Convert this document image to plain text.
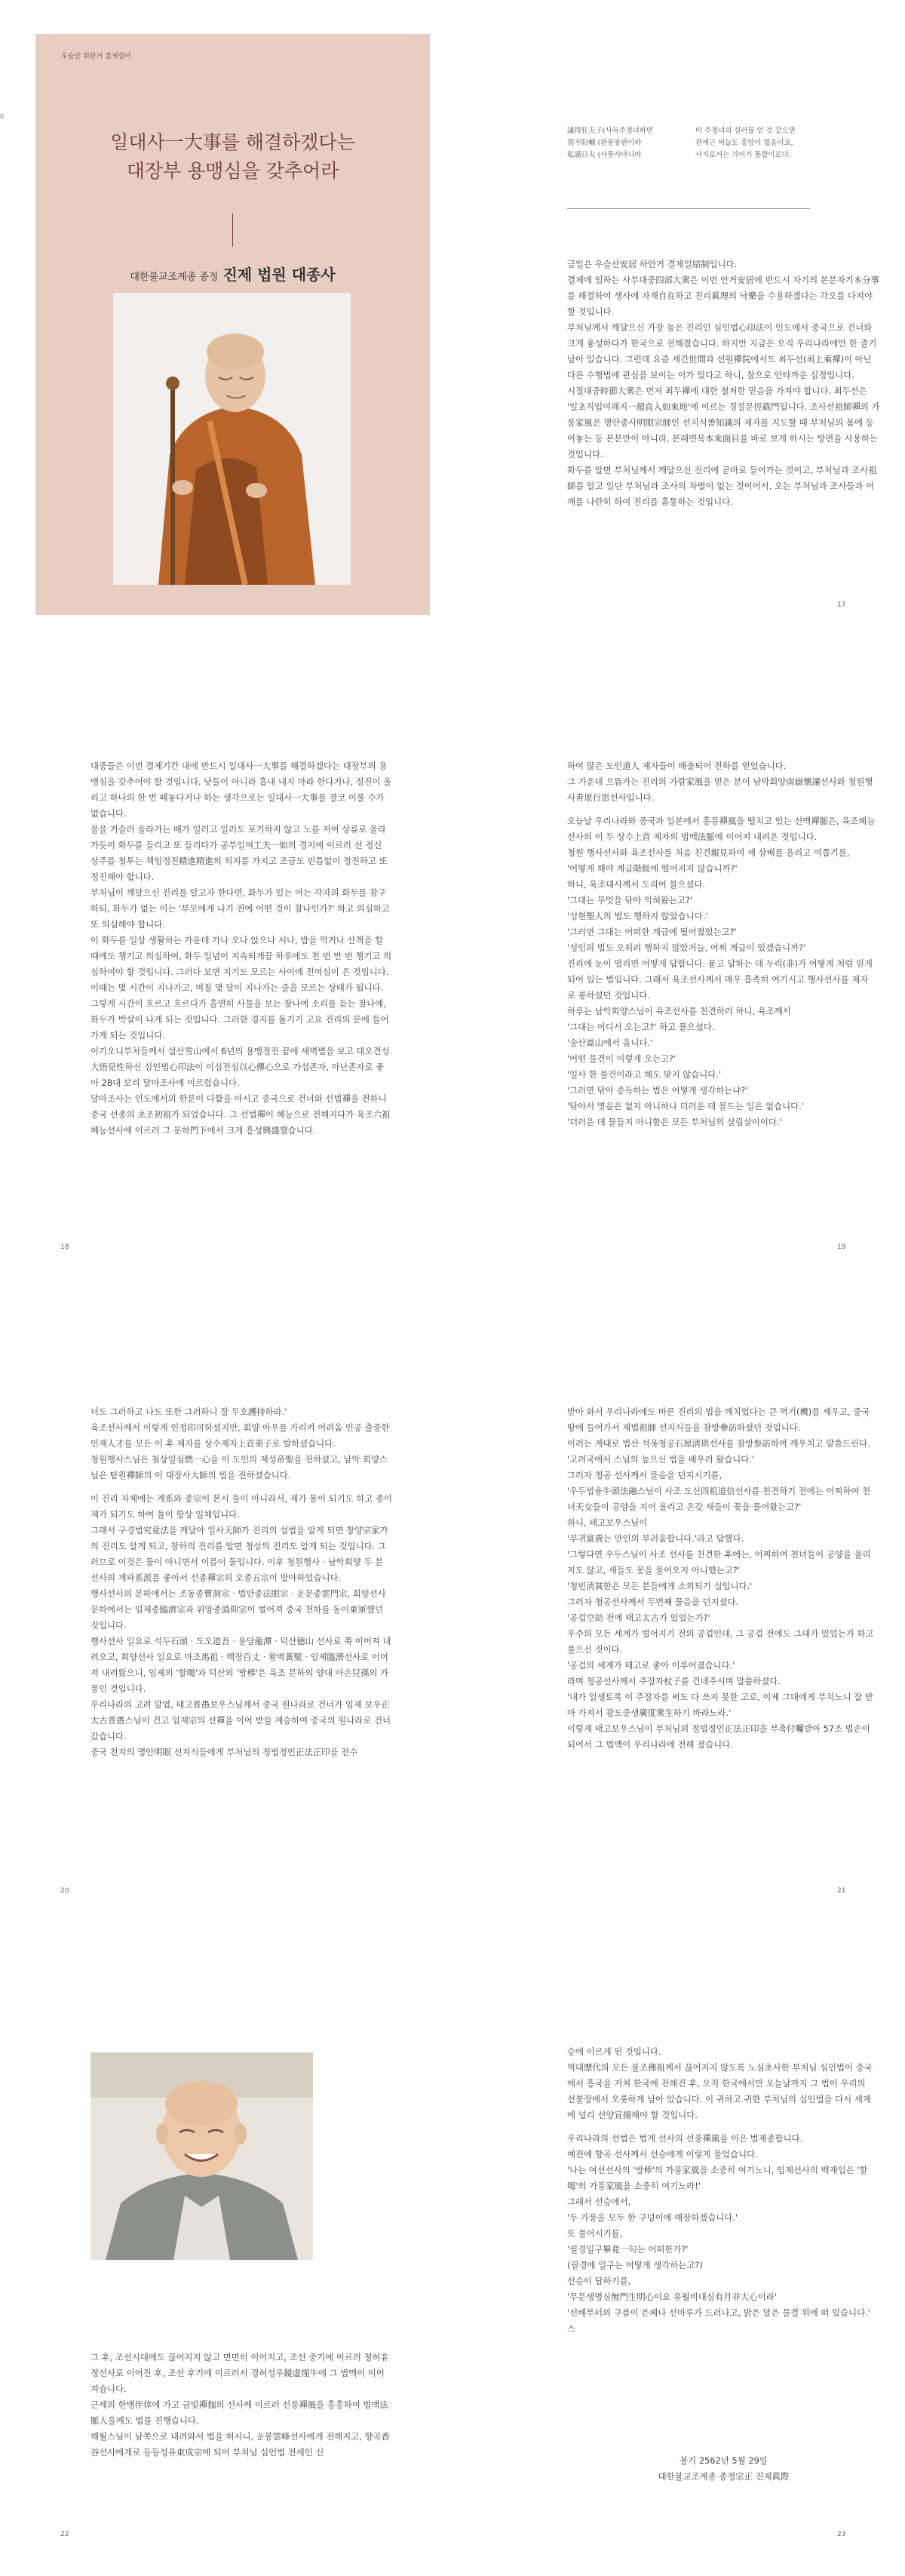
0
우슬산 위한거 결제법어
일대사一大事를 해결하겠다는
대장부 용맹심을 갖추어라
대한불교조계종 종정 진제 법원 대종사
議得狂夫子(사득주정녀하면
賀不盼輔 (판봉봉판이라
私滿日夫 (사통사마니라
미 주정녀의 실러를 얻 것 같으면
관세근 비늘도 흥망이 없음이요,
사지로서는 가이가 통할이로다.

금일은 우슬산安居 하안거 결제일結制입니다.

결제에 임하는 사부대중四部大衆은 이번 안거安居에 반드시 자기의 본분자기本分事를 해결하여 생사에 자재自在하고 진리眞理의 낙樂을 수용하겠다는 각오를 다져야 할 것입니다.

부처님께서 깨달으신 가장 높은 진리인 심인법心印法이 인도에서 중국으로 건너와 크게 융성하다가 한국으로 전해졌습니다. 하지만 지금은 오직 우리나라에만 한 줄기 남아 있습니다. 그런데 요즘 세간世間과 선원禪院에서도 최두선(최上乘禪)이 아닌 다른 수행법에 관심을 보이는 이가 있다고 하니, 참으로 안타까운 심정입니다.

시절대중時節大衆은 먼저 최두禪에 대한 철저한 믿음을 가져야 합니다. 최두선은 '일초직입여래지一超直入如來地'에 이르는 경절문徑截門입니다. 조사선祖師禪의 가풍家風은 명안종사明眼宗師인 선지식善知識의 제자를 지도할 때 부처님의 몸에 등어놓는 등 본분만이 아니라, 본래면목本來面目을 바로 보게 하시는 방편을 사용하는 것입니다.

화두를 알면 부처님께서 깨달으신 진리에 곧바로 들어가는 것이고, 부처님과 조사祖師를 알고 일단 부처님과 조사의 차별이 없는 것이어서, 오는 부처님과 조사들과 어깨를 나란히 하여 진리를 흠통하는 것입니다.

17

대중들은 이번 결제기간 내에 반드시 일대사一大事를 해결하겠다는 대장부의 용맹심을 갖추어야 할 것입니다. 낮들이 아니라 흡내 내지 마라 한다거나, 정진이 올리고 하나의 한 번 떼놓다거나 하는 생각으로는 일대사一大事를 결코 이룰 수가 없습니다.

물을 거슬러 올라가는 배가 일러고 일러도 포기하지 않고 노를 저어 상류로 올라가듯이 화두를 들리고 또 들리다가 공부일여工夫一如의 경지에 이르러 선 정신 상주를 철투는 책임정진精進精進의 의지를 가지고 조금도 빈틈없이 정진하고 또 정진해야 합니다.

부처님이 깨달으신 진리를 알고자 한다면, 화두가 있는 어는 각자의 화두를 참구하되, 화두가 없는 이는 '부모에게 나기 전에 어떤 것이 참나인가?' 하고 의심하고 또 의심해야 합니다.

이 화두를 일상 생활하는 가운데 가나 오나 앉으나 서나, 밥을 먹거나 산책을 할 때에도 챙기고 의심하여, 화두 일념이 지속되게끔 하루에도 천 번 만 번 챙기고 의심하여야 할 것입니다. 그러다 보면 지기도 모르는 사이에 진여심이 온 것입니다.

이때는 몇 시간이 지나가고, 며칠 몇 달이 지나가는 줄을 모르는 상태가 됩니다. 그렇게 시간이 흐르고 흐르다가 홀연히 사물을 보는 찰나에 소리를 듣는 찰나에, 화두가 박살이 나게 되는 것입니다. 그러한 경지를 돌기기 고요 진리의 문에 들어가게 되는 것입니다.

이기오니부처들께서 설산雪山에서 6년의 용맹정진 끝에 새벽별을 보고 대오견성大悟見性하신 심인법心印法이 이심전심以心傳心으로 가섭존자, 아난존자로 좋아 28대 보리 달마조사에 이르렀습니다.

달마조사는 인도에서의 한문이 다함을 아시고 중국으로 건너와 선법禪을 전하니 중국 선종의 초조初祖가 되었습니다. 그 선법禪이 혜능으로 전해지다가 육조六祖혜능선사에 이르러 그 문하門下에서 크게 흥성興盛했습니다.

18

하여 많은 도인道人 제자들이 배출되어 전하를 얻었습니다.

그 가운데 으뜸가는 진리의 가람家風을 얻은 분이 남악회양南嶽懷讓선사와 청원행사靑原行思선사입니다.

오늘날 우리나라와 중국과 일본에서 흥풍禪風을 떨치고 있는 선맥禪脈은, 육조혜능선사의 이 두 상수上首 제자의 법맥法脈에 이어져 내려온 것입니다.

청원 행사선사와 육조선사를 처음 친견親見하여 세 삼배를 올리고 여쭙기를,

'어떻게 해야 계급階級에 떨어지지 않습니까?'

하니, 육조대사께서 도리어 물으셨다.

'그대는 무엇을 닦아 익혀왔는고?'

'성현聖人의 법도 행하지 않았습니다.'

'그러면 그대는 어떠한 계급에 떨어졌었는고?'

'성인의 법도 오히려 행하지 않았거늘, 어찌 계급이 있겠습니까?'

진리에 눈이 열리면 어떻게 답합니다. 묻고 답하는 데 두리(非)가 어떻게 처럼 믿게 되어 있는 법입니다. 그래서 육조선사께서 매우 흡족히 여기시고 행사선사를 제자로 봉하셨던 것입니다.

하루는 남악회양스님이 육조선사를 친견하러 하니, 육조께서

'그대는 어디서 오는고?' 하고 물으셨다.

'숭산嵩山에서 옵니다.'

'어떤 물건이 이렇게 오는고?'

'일사 한 물건이라고 해도 맞지 않습니다.'

'그러면 닦아 증득하는 법은 어떻게 생각하는냐?'

'닦아서 엿음은 없지 아니하나 더러운 데 물드는 일은 없습니다.'

'더러운 데 물들지 아니함은 모든 부처님의 살림살이이다.'

19

너도 그러하고 나도 또한 그러하니 잘 두호護持하라.'

육조선사께서 이렇게 인정印可하셨지만, 회양 아우를 가리켜 어려움 인공 출중한 인재人才를 모든 이 후 제자를 상수제자上首弟子로 발하셨습니다.

청원행사스님은 첨상일심燃一心을 이 도인의 제성帝聖을 전하셨고, 남악 회양스님은 탐원禪師의 이 대장사大師의 법을 전하셨습니다.

이 진리 자체에는 계系와 종宗이 본시 둘이 아니라서, 제가 몽이 되기도 하고 종이 제가 되기도 하여 둘이 항상 일체입니다.

그래서 구경법究竟法을 깨달아 일사天師가 진리의 설법을 알게 되면 창양宗家가 의 진리도 알게 되고, 창하의 진리를 알면 청상의 진리도 알게 되는 것입니다. 그러므로 이것은 둘이 아니면서 이름이 둘입니다. 이후 청원행사 · 남악회양 두 분 선사의 계파系派를 좋아서 선종禪宗의 오종五宗이 발아하었습니다.

행사선사의 문하에서는 조동종曹洞宗 · 법안종法眼宗 · 운문종雲門宗, 회양선사 문하에서는 임제종臨濟宗과 위앙종潙仰宗이 벌어져 중국 천하를 동이東軍했던 것입니다.

행사선사 일요로 석두石頭 · 도오道吾 · 용담龍潭 · 덕산德山 선사로 쭉 이어져 내려오고, 회양선사 일요로 마조馬祖 · 백장百丈 · 황벽黃檗 · 임제臨濟선사로 이어져 내려왔으니, 임제의 '할喝'과 덕산의 '방棒'은 육조 문하의 양대 아손兒孫의 가풍인 것입니다.

우리나라의 고려 말엽, 태고普愚보우스님께서 중국 원나라로 건너가 임제 보우正太古普愚스님이 건고 임제宗의 선禪을 이어 받들 계승하여 중국의 원나라로 건너갔습니다.

중국 천지의 명안明眼 선지식들에게 부처님의 정법정인正法正印을 전수

20

받아 와서 우리나라에도 바른 진리의 법을 깨치었다는 큰 역기(機)를 세우고, 중국 땅에 들어가서 재법祖師 선지식들을 참방參訪하셨던 것입니다.

이러는 계대로 법산 석옥청공石屋淸珙선사를 참방参訪하여 깨우치고 말씀드린다.

'고려국에서 스님의 높으신 법을 배우러 왔습니다.'

그러자 청공 선사께서 물음을 던지시기를,

'우두법융牛頭法融스님이 사조 도신四祖道信선사를 친견하기 전에는 어찌하여 천녀天女들이 공양을 지어 올리고 온갖 새들이 꽃을 물어왔는고?'

하니, 태고보우스님이

'부귀富貴는 만인의 부러움합니다.'라고 답했다.

'그렇다면 우두스님이 사조 선사를 친견한 후에는, 어찌하여 천녀들이 공양을 올리지도 않고, 새들도 꽃을 물어오지 아니했는고?'

'청빈淸貧한은 모든 분들에게 소외되기 십입니다.'

그러자 청공선사께서 두번째 물음을 던지셨다.

'공겁空劫 전에 태고太古가 있었는가?'

우주의 모든 세계가 벌어지기 전의 공겁인데, 그 공겁 전에도 그대가 있었는가 하고 물으신 것이다.

'공겁의 세계가 태고로 좋아 이루어졌습니다.'

라며 청공선사께서 주장자杖子를 건네주시며 말씀하셨다.

'내가 일생토록 이 주장자를 써도 다 쓰지 못한 고로, 이제 그대에게 부치노니 잘 받아 가져서 광도중생廣度衆生하기 바라노라.'

이렇게 태고보우스님이 부처님의 정법정인正法正印을 부촉付囑받아 57조 법손이 되어서 그 법맥이 우리나라에 전해 졌습니다.

21

그 후, 조선시대에도 끊어지지 않고 면면히 이어지고, 조선 중기에 이르러 청허휴정선사로 이어진 후, 조선 후기에 이르러서 경허성우鏡虛惺牛에 그 법맥이 이어져습니다.

근세의 한맹伴倖에 가고 금빛禪伽의 선사께 이르러 선풍禪風을 흥흥하여 법맥法脈人을께도 법물 진행습니다.

해월스님이 남쪽으로 내려와서 법을 허시니, 운봉雲峰선사에게 전해지고, 향곡香谷선사에게로 등등성유東成宗에 되어 부처님 심인법 전세인 신

22

승에 이르게 된 것입니다.

역대歷代의 모든 불조佛祖께서 끊어지지 않도록 노심초사한 부처님 심인법이 중국에서 흥국을 거쳐 한국에 전해진 후, 오직 한국에서만 오늘날까지 그 법이 우리의 선불장에서 오롯하게 남아 있습니다. 이 귀하고 귀한 부처님의 심인법을 다시 세계에 널리 선양宣揚해야 할 것입니다.

우리나라의 선법은 법계 선사의 선풍禪風을 이은 법제종합니다.

예전에 향곡 선사께서 선승에게 이렇게 물었습니다.

'나는 여선선사의 '방棒'의 가풍家風을 소중히 여기노니, 임제선사의 백재입은 '할喝'의 가풍家風을 소중히 여기노라!'

그래서 선승에서,

'두 가풍을 모두 한 구덩이에 매장하겠습니다.'

또 물어시기를,

'필경일구畢竟一句는 어떠한가?'

(필경에 일구는 어떻게 생각하는고?)

선승이 답하기를,

'무문생명심無門生明心이요 유월비대심有月非大心이라'

'선배부터의 구름이 은페나 선마루가 드러나고, 밝은 달은 물결 위에 떠 있습니다.' 스

23
불기 2562년 5월 29일
대한불교조계종 종정宗正 진제眞際
